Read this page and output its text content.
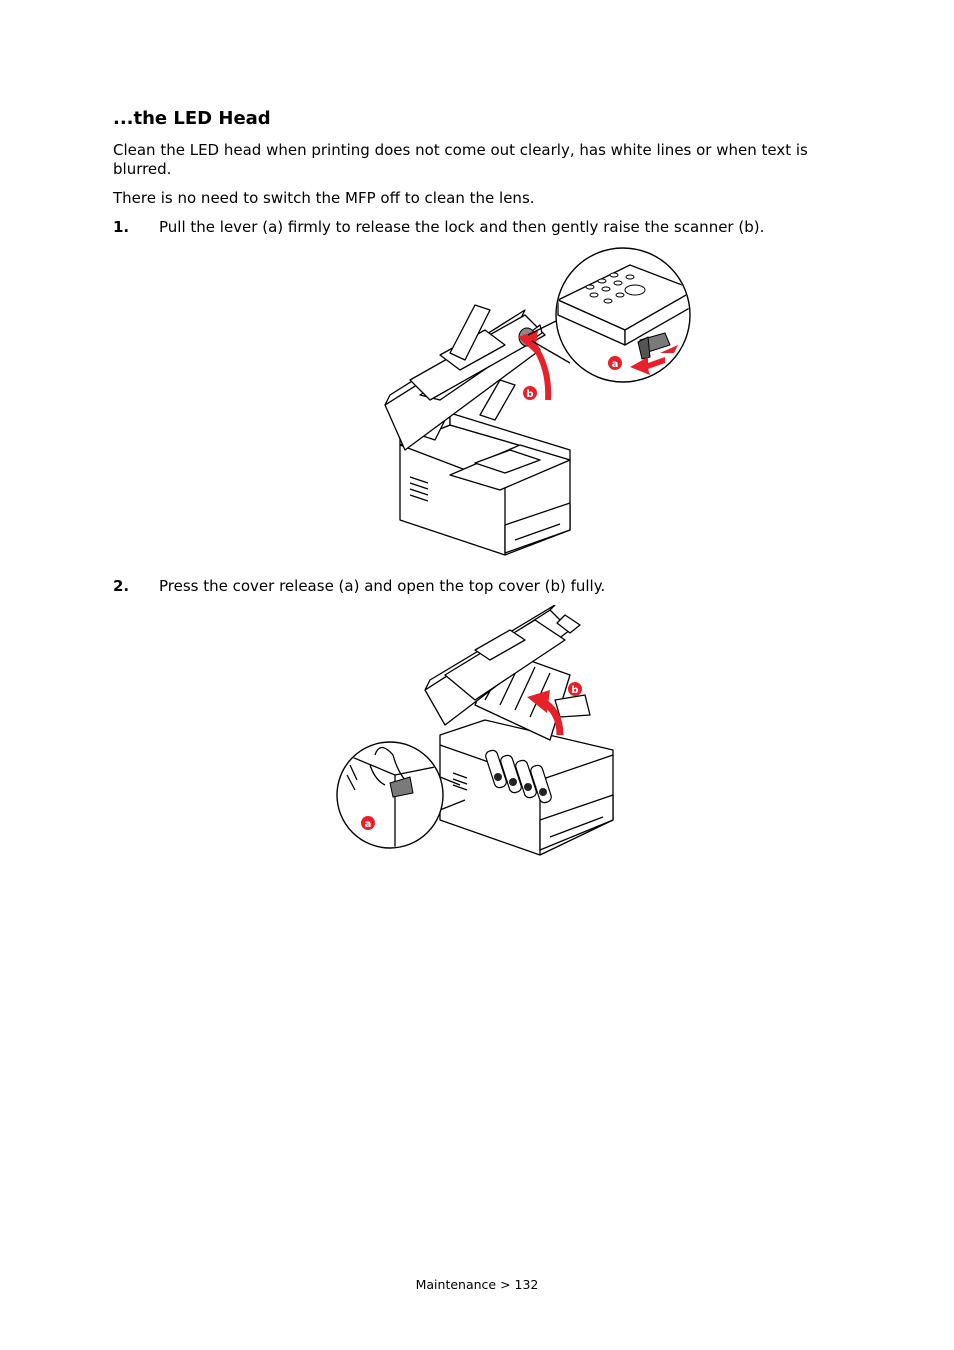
...the LED Head

Clean the LED head when printing does not come out clearly, has white lines or when text is blurred.

There is no need to switch the MFP off to clean the lens.

1. Pull the lever (a) firmly to release the lock and then gently raise the scanner (b).
b
a
2. Press the cover release (a) and open the top cover (b) fully.
b
a
Maintenance > 132
